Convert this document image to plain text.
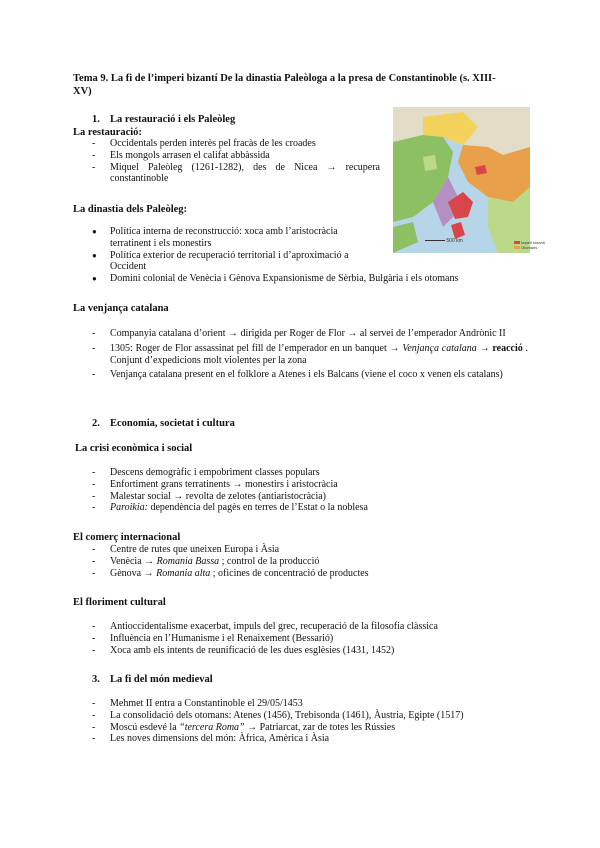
Tema 9. La fi de l’imperi bizantí De la dinastia Paleòloga a la presa de Constantinoble (s. XIII-XV)
1. La restauració i els Paleòleg
La restauració:
- Occidentals perden interès pel fracàs de les croades
- Els mongols arrasen el califat abbàssida
- Miquel Paleòleg (1261-1282), des de Nicea → recupera constantinoble
La dinastia dels Paleòleg:
● Política interna de reconstrucció: xoca amb l’aristocràcia terratinent i els monestirs
● Política exterior de recuperació territorial i d’aproximació a Occident
● Domini colonial de Venècia i Gènova Expansionisme de Sèrbia, Bulgària i els otomans
La venjança catalana
- Companyia catalana d’orient → dirigida per Roger de Flor → al servei de l’emperador Andrònic II
- 1305: Roger de Flor assassinat pel fill de l’emperador en un banquet → Venjança catalana → reacció . Conjunt d’expedicions molt violentes per la zona
- Venjança catalana present en el folklore a Atenes i els Balcans (viene el coco x venen els catalans)
2. Economia, societat i cultura
La crisi econòmica i social
- Descens demogràfic i empobriment classes populars
- Enfortiment grans terratinents → monestirs i aristocràcia
- Malestar social → revolta de zelotes (antiaristocràcia)
- Paroikia: dependència del pagès en terres de l’Estat o la noblesa
El comerç internacional
- Centre de rutes que uneixen Europa i Àsia
- Venècia → Romania Bassa ; control de la producció
- Gènova → Romania alta ; oficines de concentració de productes
El floriment cultural
- Antioccidentalisme exacerbat, impuls del grec, recuperació de la filosofia clàssica
- Influència en l’Humanisme i el Renaixement (Bessarió)
- Xoca amb els intents de reunificació de les dues esglèsies (1431, 1452)
3. La fi del món medieval
- Mehmet II entra a Constantinoble el 29/05/1453
- La consolidació dels otomans: Atenes (1456), Trebisonda (1461), Àustria, Egipte (1517)
- Moscú esdevé la “tercera Roma” → Patriarcat, zar de totes les Rússies
- Les noves dimensions del món: Àfrica, Amèrica i Àsia
500 km	Imperi bizantí
Otomans
